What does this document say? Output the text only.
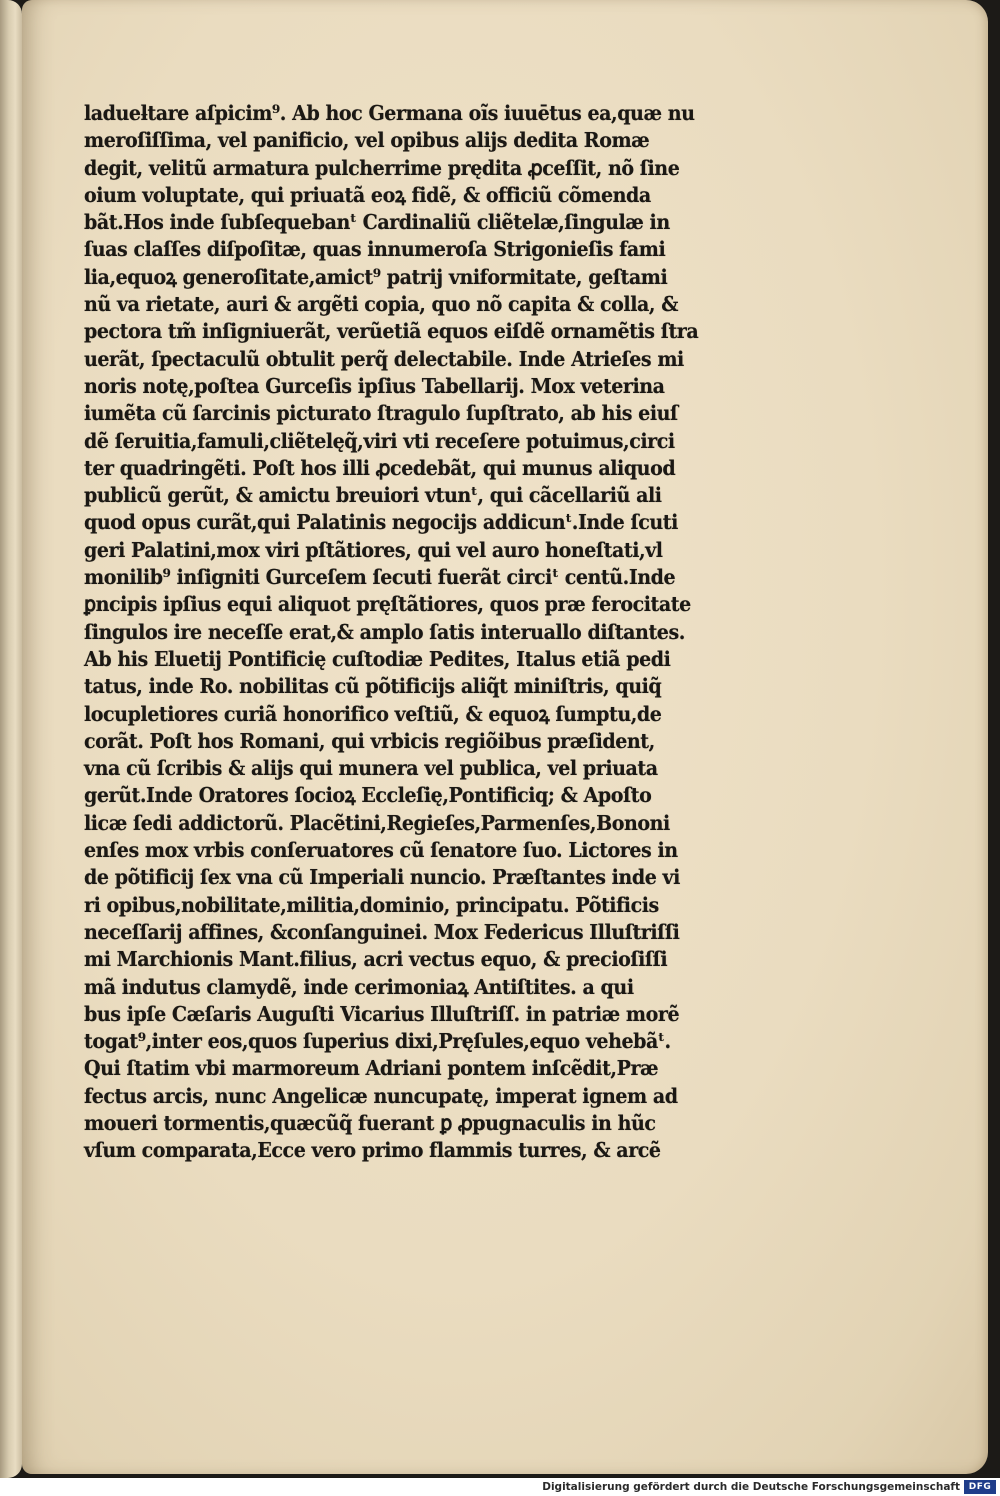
ladueƚtare aſpicim⁹. Ab hoc Germana oĩs iuuētus ea,quæ nu
meroſiſſima, vel panificio, vel opibus alijs dedita Romæ
degit, velitũ armatura pulcherrime prędita ꝓceſſit, nõ ſine
oium voluptate, qui priuatã eoꝝ fidẽ, & officiũ cõmenda
bãt.Hos inde ſubſequebanᵗ Cardinaliũ cliẽtelæ,ſingulæ in
ſuas claſſes diſpoſitæ, quas innumeroſa Strigonieſis fami
lia,equoꝝ generoſitate,amict⁹ patrij vniformitate, geſtami
nũ va rietate, auri & argẽti copia, quo nõ capita & colla, &
pectora tm̃ inſigniuerãt, verũetiã equos eiſdẽ ornamẽtis ſtra
uerãt, ſpectaculũ obtulit perq̃ delectabile. Inde Atrieſes mi
noris notę,poſtea Gurceſis ipſius Tabellarij. Mox veterina
iumẽta cũ ſarcinis picturato ſtragulo ſupſtrato, ab his eiuſ
dẽ ſeruitia,famuli,cliẽtelęq̃,viri vti receſere potuimus,circi
ter quadringẽti. Poſt hos illi ꝓcedebãt, qui munus aliquod
publicũ gerũt, & amictu breuiori vtunᵗ, qui cãcellariũ ali
quod opus curãt,qui Palatinis negocijs addicunᵗ.Inde ſcuti
geri Palatini,mox viri pſtãtiores, qui vel auro honeſtati,vl
monilib⁹ inſigniti Gurceſem ſecuti fuerãt circiᵗ centũ.Inde
ꝑncipis ipſius equi aliquot pręſtãtiores, quos præ ferocitate
ſingulos ire neceſſe erat,& amplo ſatis interuallo diſtantes.
Ab his Eluetij Pontificię cuſtodiæ Pedites, Italus etiã pedi
tatus, inde Ro. nobilitas cũ põtificijs aliq̃t miniſtris, quiq̃
locupletiores curiã honorifico veſtiũ, & equoꝝ ſumptu,de
corãt. Poſt hos Romani, qui vrbicis regiõibus præſident,
vna cũ ſcribis & alijs qui munera vel publica, vel priuata
gerũt.Inde Oratores ſocioꝝ Eccleſię,Pontificiq; & Apoſto
licæ ſedi addictorũ. Placẽtini,Regieſes,Parmenſes,Bononi
enſes mox vrbis conſeruatores cũ ſenatore ſuo. Lictores in
de põtificij ſex vna cũ Imperiali nuncio. Præſtantes inde vi
ri opibus,nobilitate,militia,dominio, principatu. Põtificis
neceſſarij affines, &conſanguinei. Mox Federicus Illuſtriſſi
mi Marchionis Mant.filius, acri vectus equo, & precioſiſſi
mã indutus clamydẽ, inde cerimoniaꝝ Antiſtites. a qui
bus ipſe Cæſaris Auguſti Vicarius Illuſtriſſ. in patriæ morẽ
togat⁹,inter eos,quos ſuperius dixi,Pręſules,equo vehebãᵗ.
Qui ſtatim vbi marmoreum Adriani pontem inſcẽdit,Præ
fectus arcis, nunc Angelicæ nuncupatę, imperat ignem ad
moueri tormentis,quæcũq̃ fuerant ꝑ ꝓpugnaculis in hũc
vſum comparata,Ecce vero primo flammis turres, & arcẽ
Digitalisierung gefördert durch die Deutsche Forschungsgemeinschaft DFG
